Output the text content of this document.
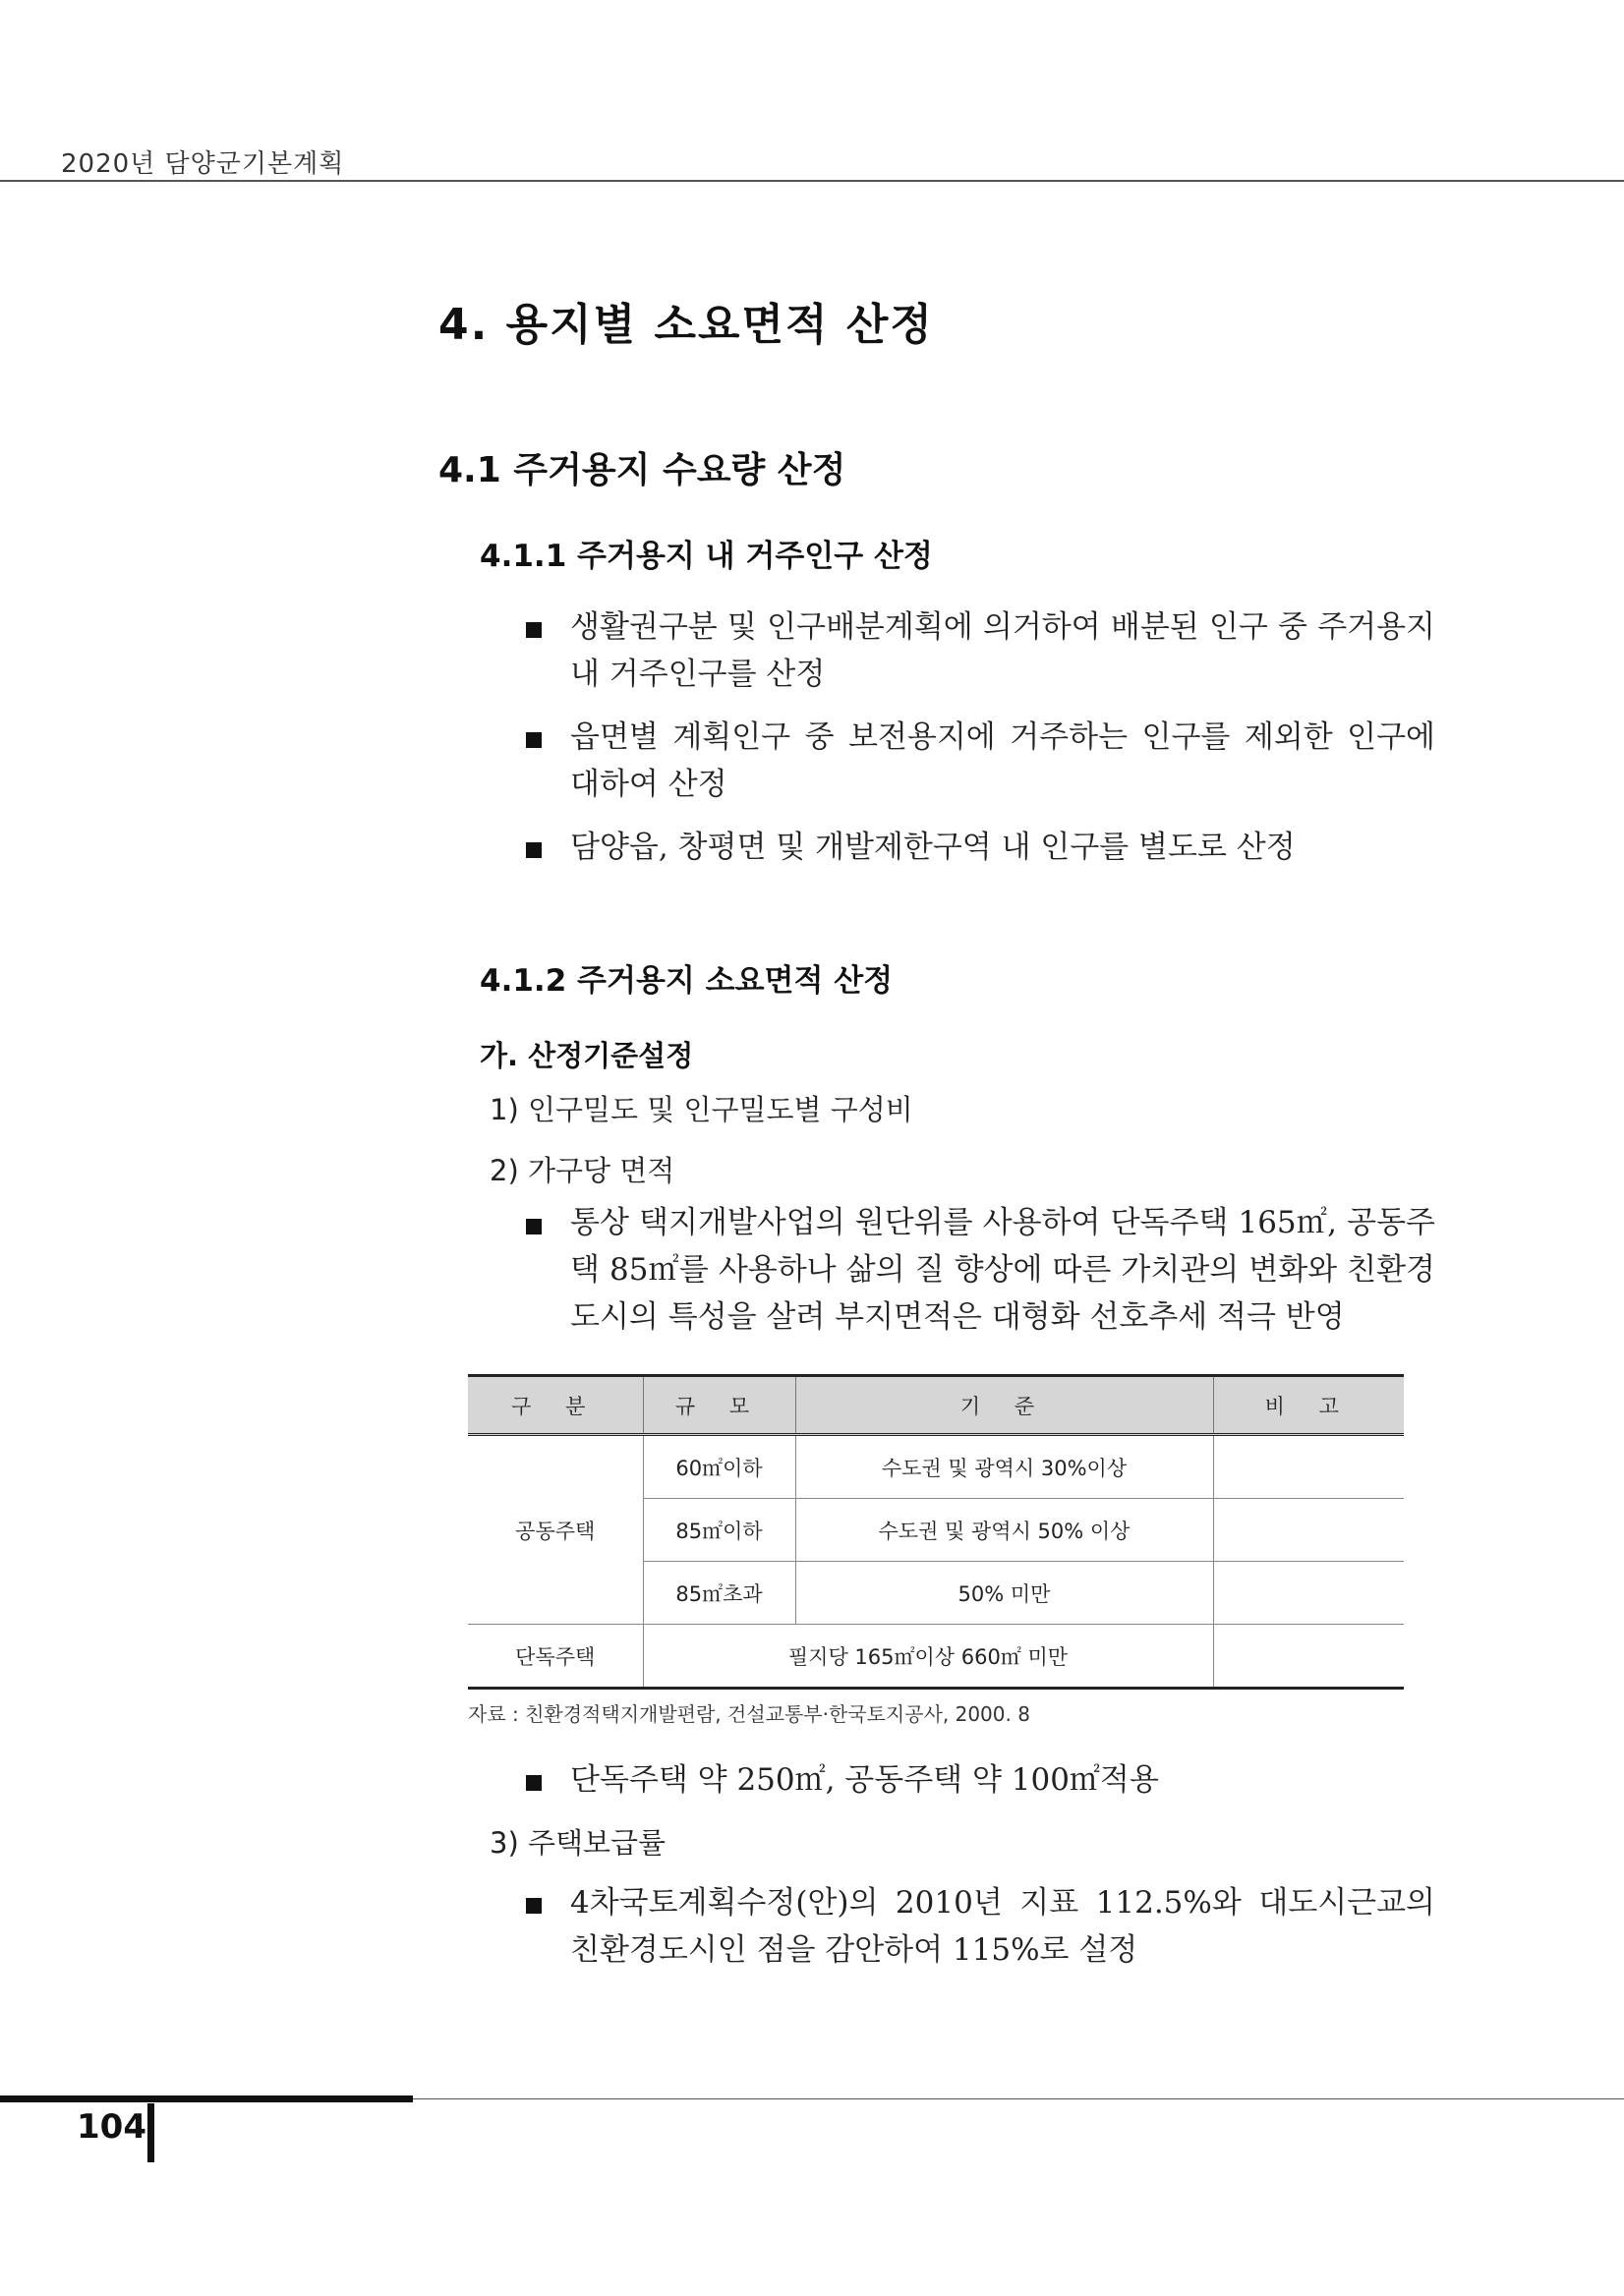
2020년 담양군기본계획
4. 용지별 소요면적 산정
4.1 주거용지 수요량 산정
4.1.1 주거용지 내 거주인구 산정
생활권구분 및 인구배분계획에 의거하여 배분된 인구 중 주거용지 내 거주인구를 산정
읍면별 계획인구 중 보전용지에 거주하는 인구를 제외한 인구에 대하여 산정
담양읍, 창평면 및 개발제한구역 내 인구를 별도로 산정
4.1.2 주거용지 소요면적 산정
가. 산정기준설정
1) 인구밀도 및 인구밀도별 구성비
2) 가구당 면적
통상 택지개발사업의 원단위를 사용하여 단독주택 165㎡, 공동주택 85㎡를 사용하나 삶의 질 향상에 따른 가치관의 변화와 친환경도시의 특성을 살려 부지면적은 대형화 선호추세 적극 반영
구 분	규 모	기 준	비 고
공동주택	60㎡이하	수도권 및 광역시 30%이상	
	85㎡이하	수도권 및 광역시 50% 이상	
	85㎡초과	50% 미만	
단독주택	필지당 165㎡이상 660㎡ 미만		
자료 : 친환경적택지개발편람, 건설교통부·한국토지공사, 2000. 8
단독주택 약 250㎡, 공동주택 약 100㎡적용
3) 주택보급률
4차국토계획수정(안)의 2010년 지표 112.5%와 대도시근교의 친환경도시인 점을 감안하여 115%로 설정
104
